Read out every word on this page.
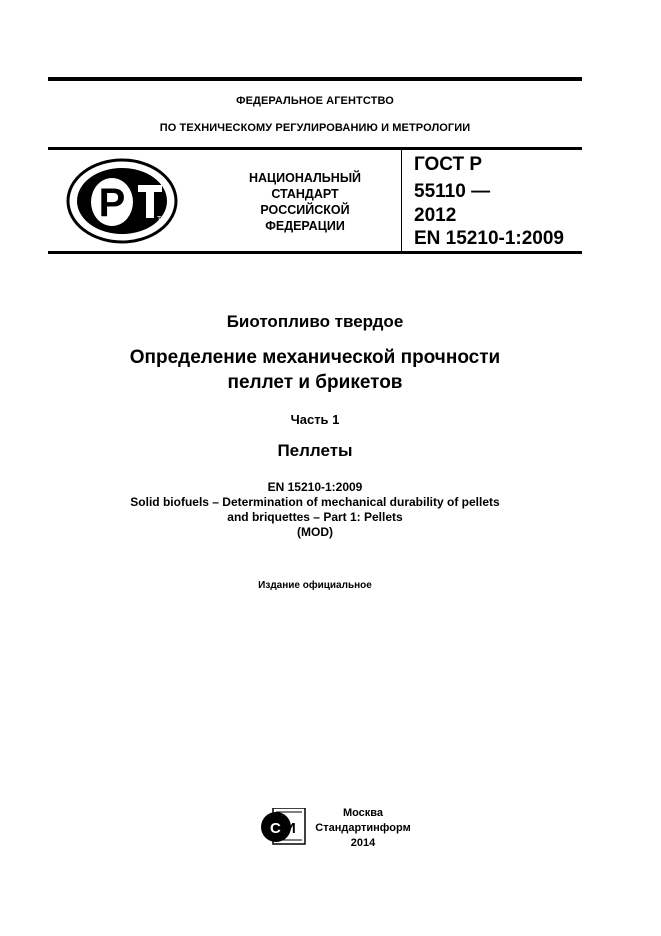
ФЕДЕРАЛЬНОЕ АГЕНТСТВО
ПО ТЕХНИЧЕСКОМУ РЕГУЛИРОВАНИЮ И МЕТРОЛОГИИ
Р	Т
НАЦИОНАЛЬНЫЙ
СТАНДАРТ
РОССИЙСКОЙ
ФЕДЕРАЦИИ
ГОСТ Р
55110 —
2012
EN 15210-1:2009
Биотопливо твердое
Определение механической прочности
пеллет и брикетов
Часть 1
Пеллеты
EN 15210-1:2009
Solid biofuels – Determination of mechanical durability of pellets
and briquettes – Part 1: Pellets
(MOD)
Издание официальное
С И
Москва
Стандартинформ
2014
